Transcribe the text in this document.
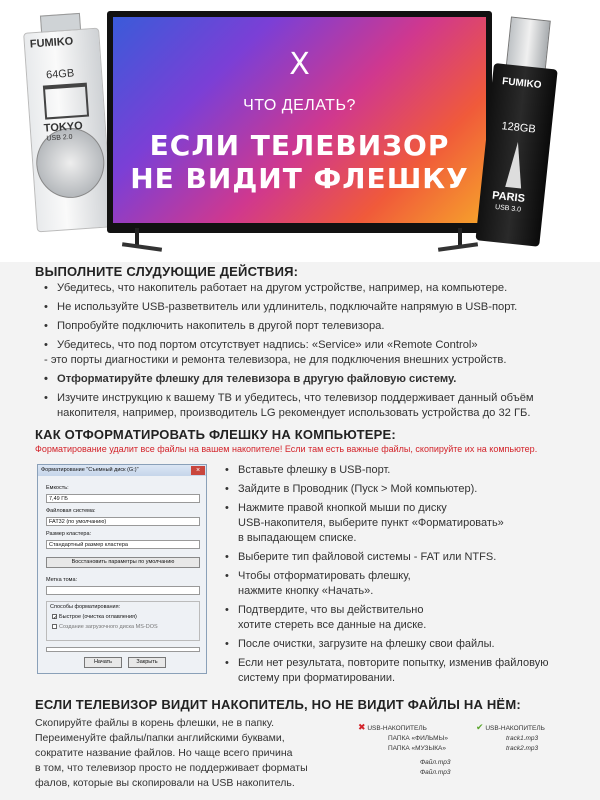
FUMIKO
64GB
TOKYO
USB 2.0
X
ЧТО ДЕЛАТЬ?
ЕСЛИ ТЕЛЕВИЗОР
НЕ ВИДИТ ФЛЕШКУ
FUMIKO
128GB
PARIS
USB 3.0
ВЫПОЛНИТЕ СЛУДУЮЩИЕ ДЕЙСТВИЯ:
• Убедитесь, что накопитель работает на другом устройстве, например, на компьютере.
• Не используйте USB-разветвитель или удлинитель, подключайте напрямую в USB-порт.
• Попробуйте подключить накопитель в другой порт телевизора.
• Убедитесь, что под портом отсутствует надпись: «Service» или «Remote Control»
- это порты диагностики и ремонта телевизора, не для подключения внешних устройств.
• Отформатируйте флешку для телевизора в другую файловую систему.
• Изучите инструкцию к вашему ТВ и убедитесь, что телевизор поддерживает данный объём
накопителя, например, производитель LG рекомендует использовать устройства до 32 ГБ.
КАК ОТФОРМАТИРОВАТЬ ФЛЕШКУ НА КОМПЬЮТЕРЕ:
Форматирование удалит все файлы на вашем накопителе! Если там есть важные файлы, скопируйте их на компьютер.
Форматирование "Съемный диск (G:)"	×
Емкость:
7,49 ГБ
Файловая система:
FAT32 (по умолчанию)
Размер кластера:
Стандартный размер кластера
Восстановить параметры по умолчанию
Метка тома:
Способы форматирования:
✓Быстрое (очистка оглавления)
Создание загрузочного диска MS-DOS
Начать	Закрыть
• Вставьте флешку в USB-порт.
• Зайдите в Проводник (Пуск > Мой компьютер).
• Нажмите правой кнопкой мыши по диску
USB-накопителя, выберите пункт «Форматировать»
в выпадающем списке.
• Выберите тип файловой системы - FAT или NTFS.
• Чтобы отформатировать флешку,
нажмите кнопку «Начать».
• Подтвердите, что вы действительно
хотите стереть все данные на диске.
• После очистки, загрузите на флешку свои файлы.
• Если нет результата, повторите попытку, изменив файловую
систему при форматировании.
ЕСЛИ ТЕЛЕВИЗОР ВИДИТ НАКОПИТЕЛЬ, НО НЕ ВИДИТ ФАЙЛЫ НА НЁМ:
Скопируйте файлы в корень флешки, не в папку.
Переименуйте файлы/папки английскими буквами,
сократите название файлов. Но чаще всего причина
в том, что телевизор просто не поддерживает форматы
фалов, которые вы скопировали на USB накопитель.
✖ USB-НАКОПИТЕЛЬ
ПАПКА «ФИЛЬМЫ»
ПАПКА «МУЗЫКА»
Файл.mp3
Файл.mp3
✔ USB-НАКОПИТЕЛЬ
track1.mp3
track2.mp3
